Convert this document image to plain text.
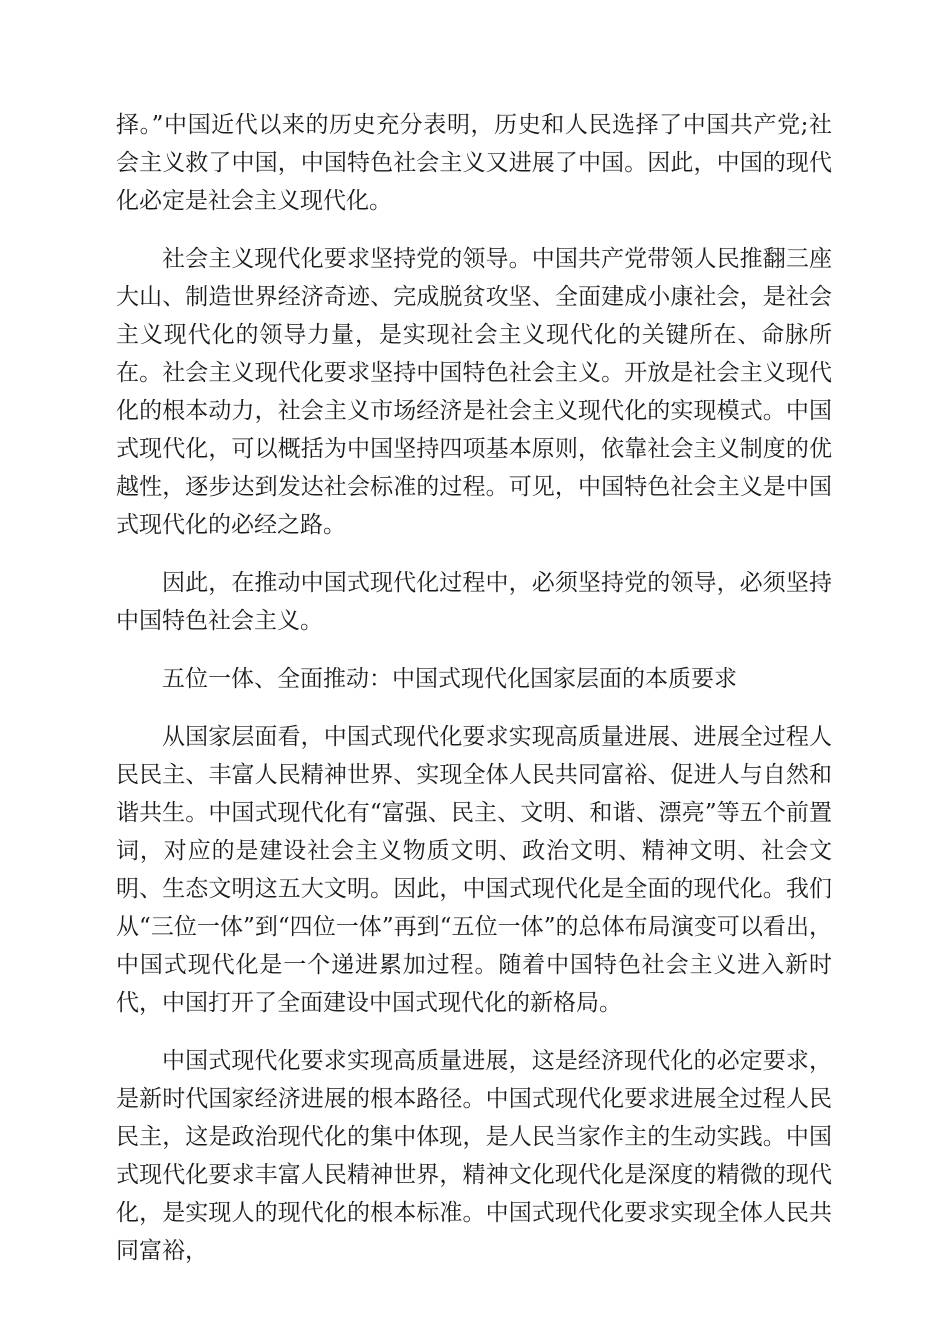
择。”中国近代以来的历史充分表明，历史和人民选择了中国共产党;社会主义救了中国，中国特色社会主义又进展了中国。因此，中国的现代化必定是社会主义现代化。

社会主义现代化要求坚持党的领导。中国共产党带领人民推翻三座大山、制造世界经济奇迹、完成脱贫攻坚、全面建成小康社会，是社会主义现代化的领导力量，是实现社会主义现代化的关键所在、命脉所在。社会主义现代化要求坚持中国特色社会主义。开放是社会主义现代化的根本动力，社会主义市场经济是社会主义现代化的实现模式。中国式现代化，可以概括为中国坚持四项基本原则，依靠社会主义制度的优越性，逐步达到发达社会标准的过程。可见，中国特色社会主义是中国式现代化的必经之路。

因此，在推动中国式现代化过程中，必须坚持党的领导，必须坚持中国特色社会主义。

五位一体、全面推动：中国式现代化国家层面的本质要求

从国家层面看，中国式现代化要求实现高质量进展、进展全过程人民民主、丰富人民精神世界、实现全体人民共同富裕、促进人与自然和谐共生。中国式现代化有“富强、民主、文明、和谐、漂亮”等五个前置词，对应的是建设社会主义物质文明、政治文明、精神文明、社会文明、生态文明这五大文明。因此，中国式现代化是全面的现代化。我们从“三位一体”到“四位一体”再到“五位一体”的总体布局演变可以看出，中国式现代化是一个递进累加过程。随着中国特色社会主义进入新时代，中国打开了全面建设中国式现代化的新格局。

中国式现代化要求实现高质量进展，这是经济现代化的必定要求，是新时代国家经济进展的根本路径。中国式现代化要求进展全过程人民民主，这是政治现代化的集中体现，是人民当家作主的生动实践。中国式现代化要求丰富人民精神世界，精神文化现代化是深度的精微的现代化，是实现人的现代化的根本标准。中国式现代化要求实现全体人民共同富裕，
